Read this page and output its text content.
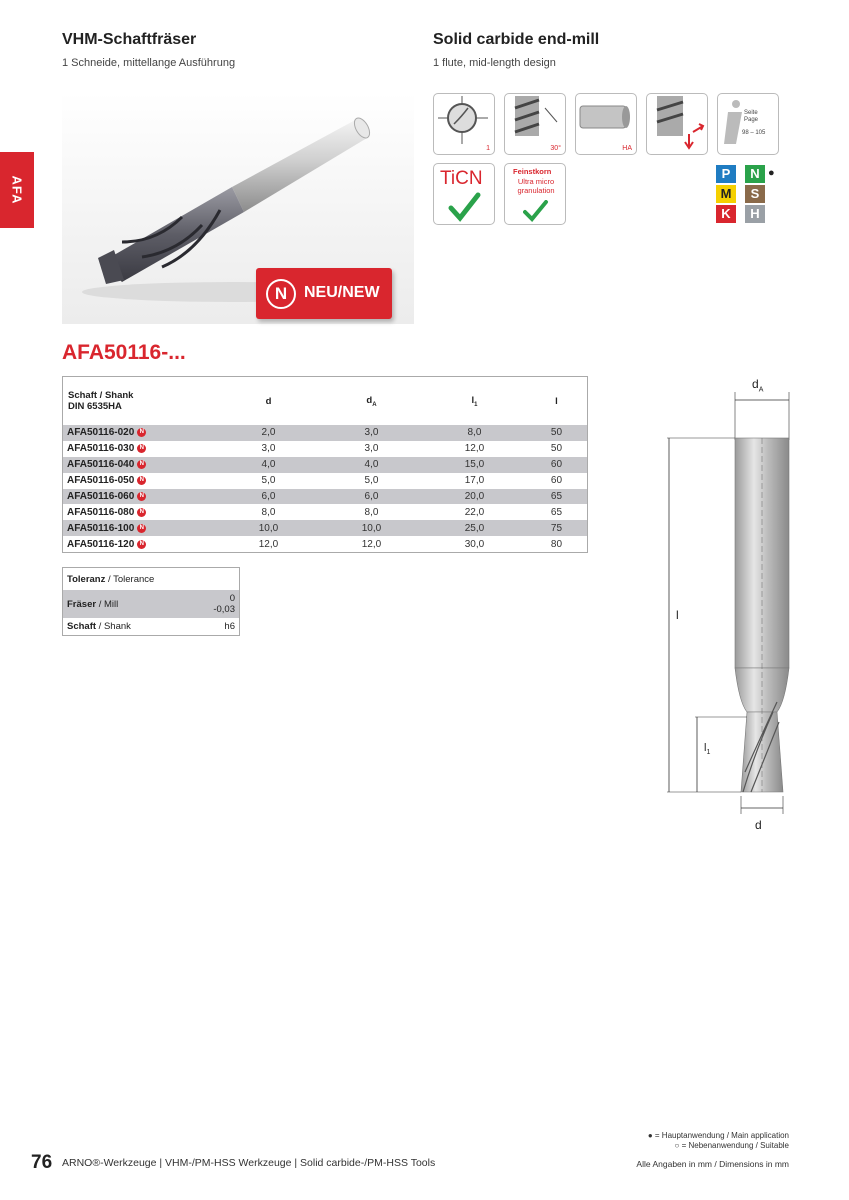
VHM-Schaftfräser
1 Schneide, mittellange Ausführung
Solid carbide end-mill
1 flute, mid-length design
AFA
N	NEU/NEW
1	30°	HA
Seite
Page
98 – 105
TiCN	Feinstkorn
Ultra micro granulation
P	N ●
M	S
K	H
AFA50116-...
Schaft / Shank
DIN 6535HA	d	$d_A$	$l_1$	l
AFA50116-020 N	2,0	3,0	8,0	50
AFA50116-030 N	3,0	3,0	12,0	50
AFA50116-040 N	4,0	4,0	15,0	60
AFA50116-050 N	5,0	5,0	17,0	60
AFA50116-060 N	6,0	6,0	20,0	65
AFA50116-080 N	8,0	8,0	22,0	65
AFA50116-100 N	10,0	10,0	25,0	75
AFA50116-120 N	12,0	12,0	30,0	80
Toleranz / Tolerance	
Fräser / Mill	0
-0,03

Schaft / Shank	h6
$d_A$
l
$l_1$
d
● = Hauptanwendung / Main application
○ = Nebenanwendung / Suitable
76 ARNO®-Werkzeuge | VHM-/PM-HSS Werkzeuge | Solid carbide-/PM-HSS Tools	Alle Angaben in mm / Dimensions in mm
